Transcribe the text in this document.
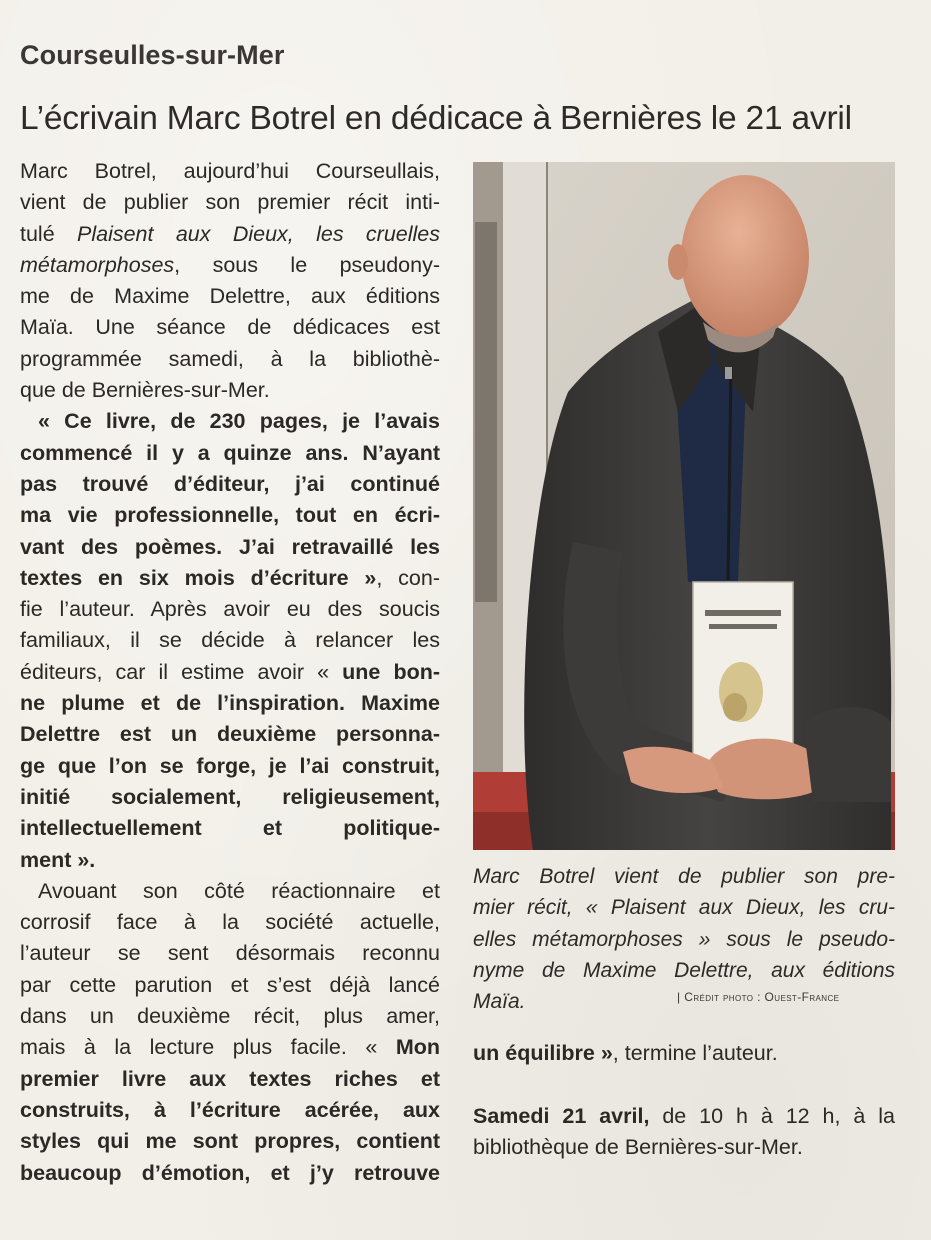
Courseulles-sur-Mer
L’écrivain Marc Botrel en dédicace à Bernières le 21 avril
Marc Botrel, aujourd’hui Courseullais,
vient de publier son premier récit inti-
tulé Plaisent aux Dieux, les cruelles
métamorphoses, sous le pseudony-
me de Maxime Delettre, aux éditions
Maïa. Une séance de dédicaces est
programmée samedi, à la bibliothè-
que de Bernières-sur-Mer.
« Ce livre, de 230 pages, je l’avais
commencé il y a quinze ans. N’ayant
pas trouvé d’éditeur, j’ai continué
ma vie professionnelle, tout en écri-
vant des poèmes. J’ai retravaillé les
textes en six mois d’écriture », con-
fie l’auteur. Après avoir eu des soucis
familiaux, il se décide à relancer les
éditeurs, car il estime avoir « une bon-
ne plume et de l’inspiration. Maxime
Delettre est un deuxième personna-
ge que l’on se forge, je l’ai construit,
initié socialement, religieusement,
intellectuellement et politique-
ment ».
Avouant son côté réactionnaire et
corrosif face à la société actuelle,
l’auteur se sent désormais reconnu
par cette parution et s’est déjà lancé
dans un deuxième récit, plus amer,
mais à la lecture plus facile. « Mon
premier livre aux textes riches et
construits, à l’écriture acérée, aux
styles qui me sont propres, contient
beaucoup d’émotion, et j’y retrouve
Marc Botrel vient de publier son pre-
mier récit, « Plaisent aux Dieux, les cru-
elles métamorphoses » sous le pseudo-
nyme de Maxime Delettre, aux éditions
Maïa.	| Crédit photo : Ouest-France
un équilibre », termine l’auteur.
Samedi 21 avril, de 10 h à 12 h, à la
bibliothèque de Bernières-sur-Mer.
